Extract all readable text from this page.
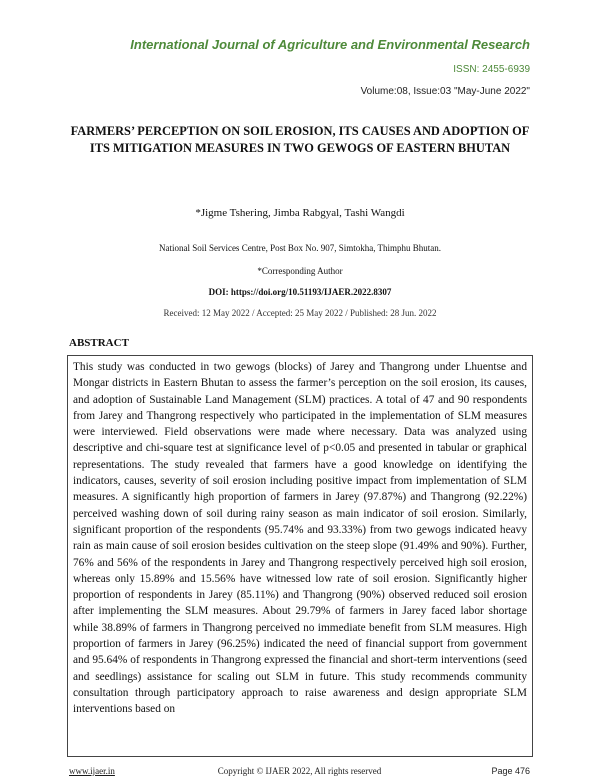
International Journal of Agriculture and Environmental Research
ISSN: 2455-6939
Volume:08, Issue:03 "May-June 2022"
FARMERS’ PERCEPTION ON SOIL EROSION, ITS CAUSES AND ADOPTION OF ITS MITIGATION MEASURES IN TWO GEWOGS OF EASTERN BHUTAN
*Jigme Tshering, Jimba Rabgyal, Tashi Wangdi
National Soil Services Centre, Post Box No. 907, Simtokha, Thimphu Bhutan.
*Corresponding Author
DOI: https://doi.org/10.51193/IJAER.2022.8307
Received: 12 May 2022 / Accepted: 25 May 2022 / Published: 28 Jun. 2022
ABSTRACT

This study was conducted in two gewogs (blocks) of Jarey and Thangrong under Lhuentse and Mongar districts in Eastern Bhutan to assess the farmer’s perception on the soil erosion, its causes, and adoption of Sustainable Land Management (SLM) practices. A total of 47 and 90 respondents from Jarey and Thangrong respectively who participated in the implementation of SLM measures were interviewed. Field observations were made where necessary. Data was analyzed using descriptive and chi-square test at significance level of p<0.05 and presented in tabular or graphical representations. The study revealed that farmers have a good knowledge on identifying the indicators, causes, severity of soil erosion including positive impact from implementation of SLM measures. A significantly high proportion of farmers in Jarey (97.87%) and Thangrong (92.22%) perceived washing down of soil during rainy season as main indicator of soil erosion. Similarly, significant proportion of the respondents (95.74% and 93.33%) from two gewogs indicated heavy rain as main cause of soil erosion besides cultivation on the steep slope (91.49% and 90%). Further, 76% and 56% of the respondents in Jarey and Thangrong respectively perceived high soil erosion, whereas only 15.89% and 15.56% have witnessed low rate of soil erosion. Significantly higher proportion of respondents in Jarey (85.11%) and Thangrong (90%) observed reduced soil erosion after implementing the SLM measures. About 29.79% of farmers in Jarey faced labor shortage while 38.89% of farmers in Thangrong perceived no immediate benefit from SLM measures. High proportion of farmers in Jarey (96.25%) indicated the need of financial support from government and 95.64% of respondents in Thangrong expressed the financial and short-term interventions (seed and seedlings) assistance for scaling out SLM in future. This study recommends community consultation through participatory approach to raise awareness and design appropriate SLM interventions based on

Copyright © IJAER 2022, All rights reserved
www.ijaer.in	Page 476
